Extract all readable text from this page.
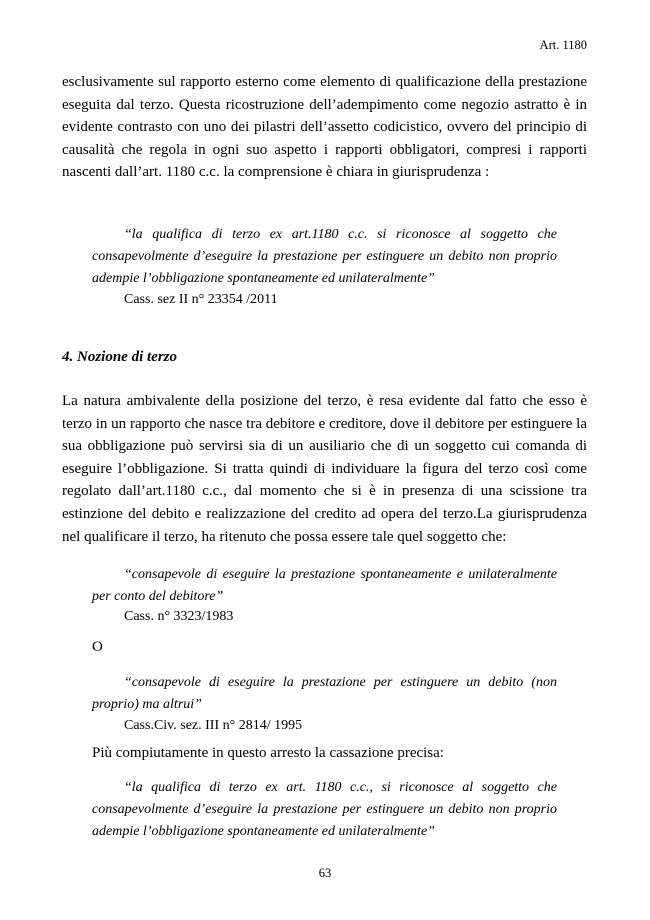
Art. 1180

esclusivamente sul rapporto esterno come elemento di qualificazione della prestazione eseguita dal terzo. Questa ricostruzione dell’adempimento come negozio astratto è in evidente contrasto con uno dei pilastri dell’assetto codicistico, ovvero del principio di causalità che regola in ogni suo aspetto i rapporti obbligatori, compresi i rapporti nascenti dall’art. 1180 c.c. la comprensione è chiara in giurisprudenza :

“la qualifica di terzo ex art.1180 c.c. si riconosce al soggetto che consapevolmente d’eseguire la prestazione per estinguere un debito non proprio adempie l’obbligazione spontaneamente ed unilateralmente”

Cass. sez II n° 23354 /2011

4. Nozione di terzo

La natura ambivalente della posizione del terzo, è resa evidente dal fatto che esso è terzo in un rapporto che nasce tra debitore e creditore, dove il debitore per estinguere la sua obbligazione può servirsi sia di un ausiliario che di un soggetto cui comanda di eseguire l’obbligazione. Si tratta quindi di individuare la figura del terzo così come regolato dall’art.1180 c.c., dal momento che si è in presenza di una scissione tra estinzione del debito e realizzazione del credito ad opera del terzo.La giurisprudenza nel qualificare il terzo, ha ritenuto che possa essere tale quel soggetto che:

“consapevole di eseguire la prestazione spontaneamente e unilateralmente per conto del debitore”

Cass. n° 3323/1983

O

“consapevole di eseguire la prestazione per estinguere un debito (non proprio) ma altrui”

Cass.Civ. sez. III n° 2814/ 1995

Più compiutamente in questo arresto la cassazione precisa:

“la qualifica di terzo ex art. 1180 c.c., si riconosce al soggetto che consapevolmente d’eseguire la prestazione per estinguere un debito non proprio adempie l’obbligazione spontaneamente ed unilateralmente”

63
